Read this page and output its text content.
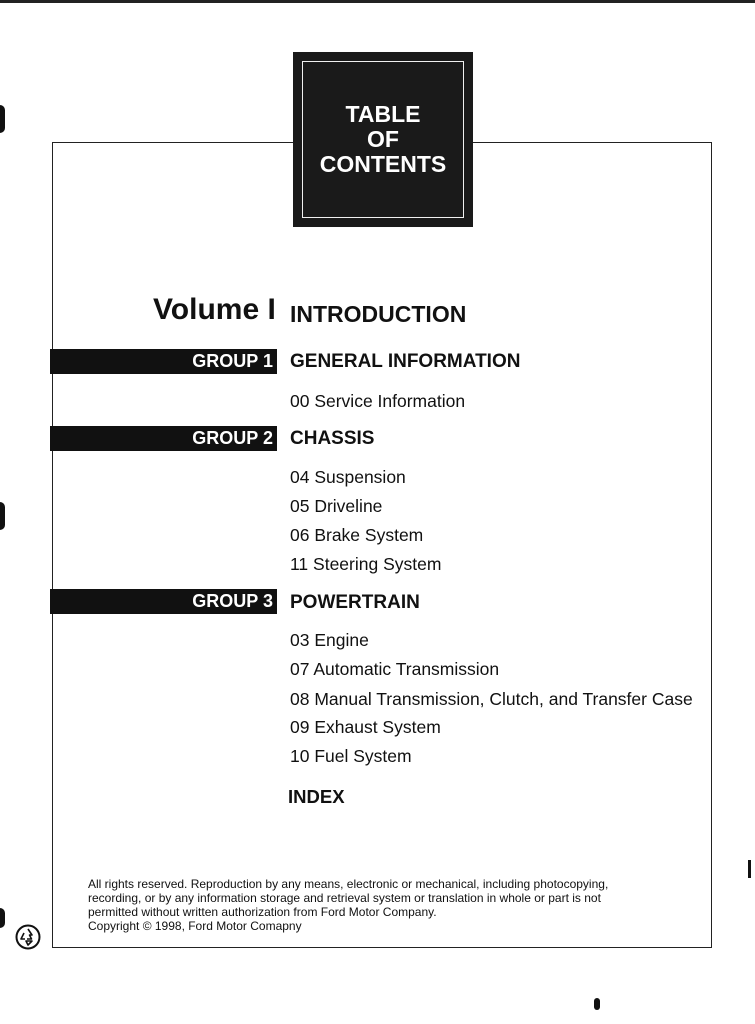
TABLE
OF
CONTENTS
Volume I INTRODUCTION
GROUP 1 GENERAL INFORMATION
00 Service Information
GROUP 2 CHASSIS
04 Suspension
05 Driveline
06 Brake System
11 Steering System
GROUP 3 POWERTRAIN
03 Engine
07 Automatic Transmission
08 Manual Transmission, Clutch, and Transfer Case
09 Exhaust System
10 Fuel System
INDEX

All rights reserved. Reproduction by any means, electronic or mechanical, including photocopying,

recording, or by any information storage and retrieval system or translation in whole or part is not

permitted without written authorization from Ford Motor Company.

Copyright © 1998, Ford Motor Comapny
